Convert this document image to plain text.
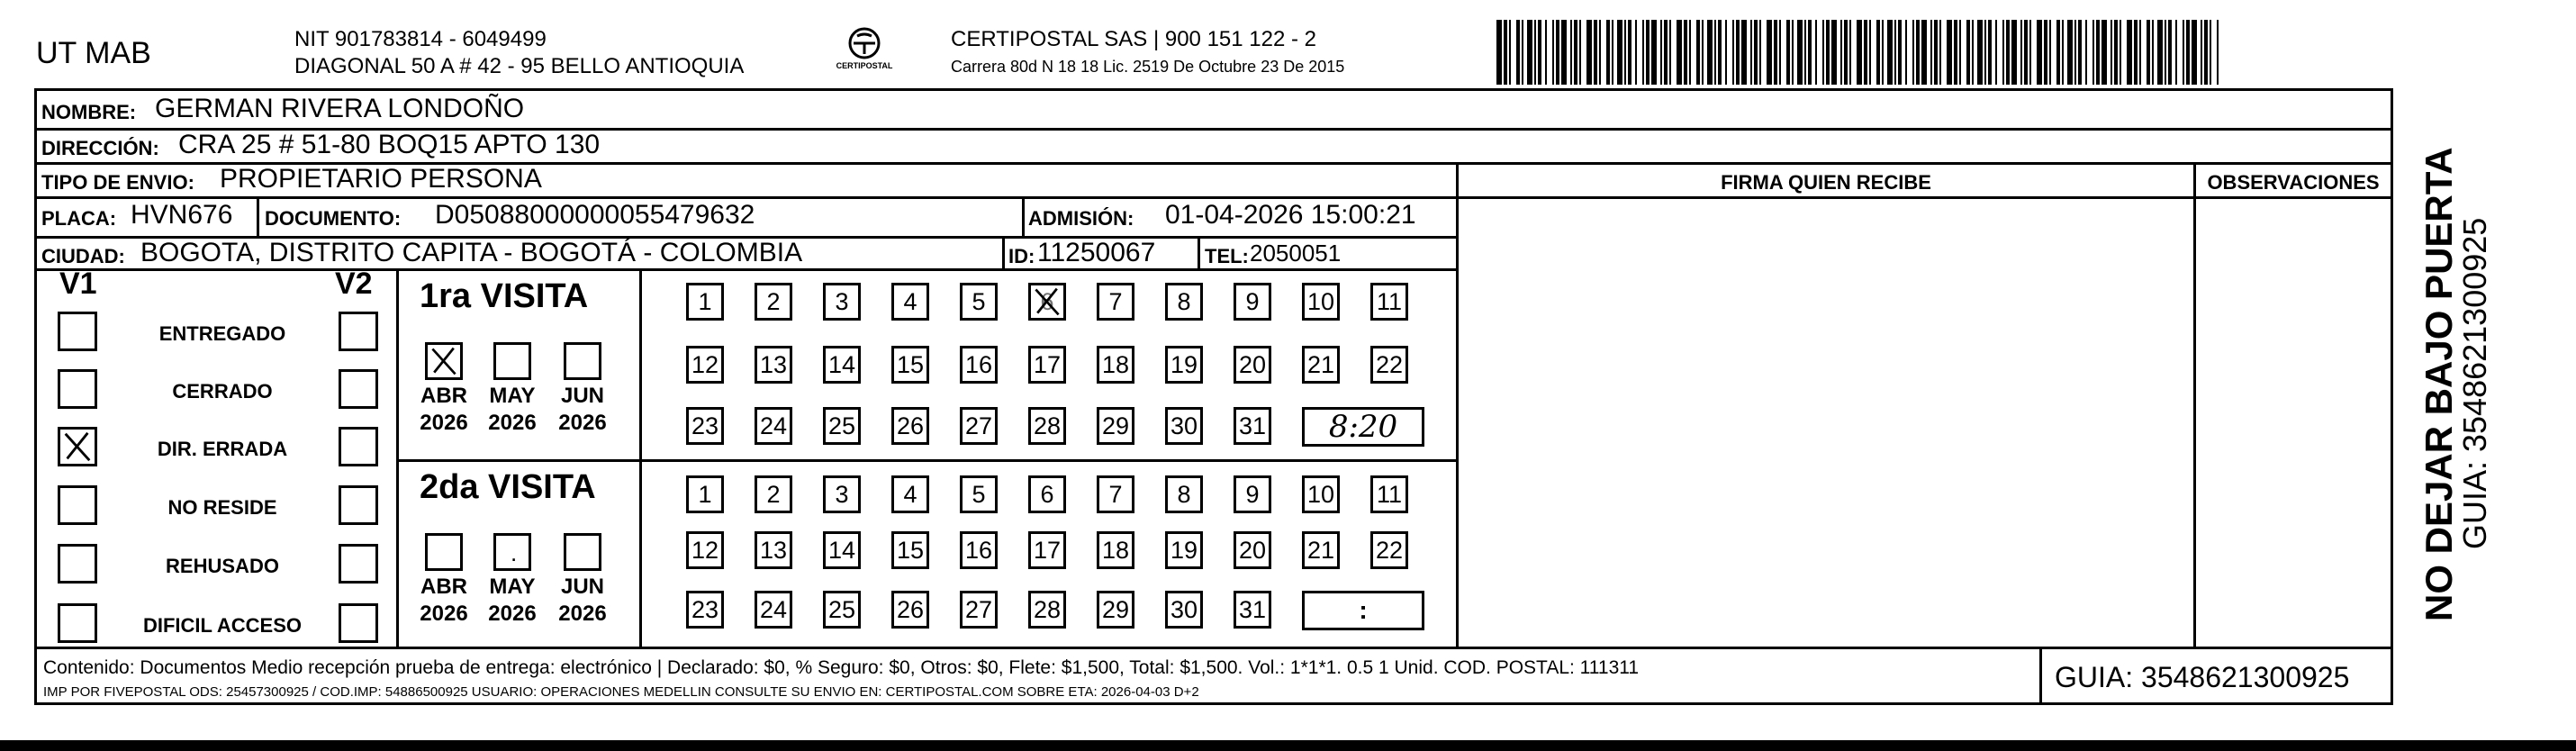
UT MAB	NIT 901783814 - 6049499
DIAGONAL 50 A # 42 - 95 BELLO ANTIOQUIA	CERTIPOSTAL
CERTIPOSTAL SAS | 900 151 122 - 2
Carrera 80d N 18 18 Lic. 2519 De Octubre 23 De 2015
NOMBRE: GERMAN RIVERA LONDOÑO
DIRECCIÓN: CRA 25 # 51-80 BOQ15 APTO 130
TIPO DE ENVIO: PROPIETARIO PERSONA	FIRMA QUIEN RECIBE	OBSERVACIONES
PLACA: HVN676 DOCUMENTO: D05088000000055479632	ADMISIÓN: 01-04-2026 15:00:21
CIUDAD: BOGOTA, DISTRITO CAPITA - BOGOTÁ - COLOMBIA	ID: 11250067 TEL: 2050051
V1	V2
ENTREGADO
CERRADO
DIR. ERRADA
NO RESIDE
REHUSADO
DIFICIL ACCESO
1ra VISITA
ABR
2026
MAY
2026
JUN
2026
1 2 3 4 5 6 7 8 9 10 11
12 13 14 15 16 17 18 19 20 21 22
23 24 25 26 27 28 29 30 31 8:20
2da VISITA
ABR
2026
.
MAY
2026
JUN
2026
1 2 3 4 5 6 7 8 9 10 11
12 13 14 15 16 17 18 19 20 21 22
23 24 25 26 27 28 29 30 31	:
Contenido: Documentos Medio recepción prueba de entrega: electrónico | Declarado: $0, % Seguro: $0, Otros: $0, Flete: $1,500, Total: $1,500. Vol.: 1*1*1. 0.5 1 Unid. COD. POSTAL: 111311
IMP POR FIVEPOSTAL ODS: 25457300925 / COD.IMP: 54886500925 USUARIO: OPERACIONES MEDELLIN CONSULTE SU ENVIO EN: CERTIPOSTAL.COM SOBRE ETA: 2026-04-03 D+2	GUIA: 3548621300925
NO DEJAR BAJO PUERTA
GUIA: 3548621300925
